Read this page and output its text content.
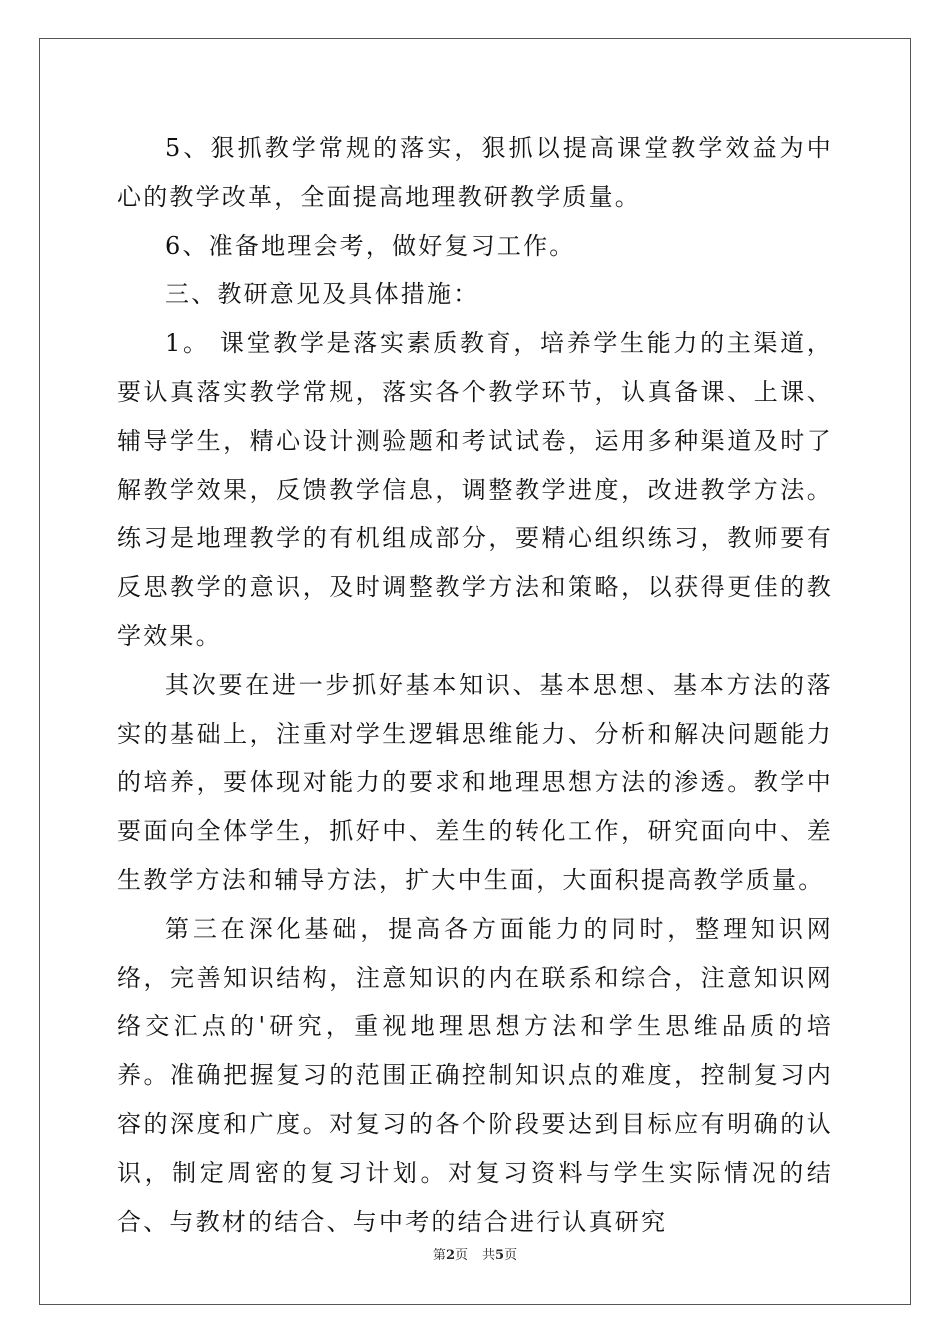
5、狠抓教学常规的落实，狠抓以提高课堂教学效益为中心的教学改革，全面提高地理教研教学质量。

6、准备地理会考，做好复习工作。

三、教研意见及具体措施：

1。 课堂教学是落实素质教育，培养学生能力的主渠道，要认真落实教学常规，落实各个教学环节，认真备课、上课、辅导学生，精心设计测验题和考试试卷，运用多种渠道及时了解教学效果，反馈教学信息，调整教学进度，改进教学方法。练习是地理教学的有机组成部分，要精心组织练习，教师要有反思教学的意识，及时调整教学方法和策略，以获得更佳的教学效果。

其次要在进一步抓好基本知识、基本思想、基本方法的落实的基础上，注重对学生逻辑思维能力、分析和解决问题能力的培养，要体现对能力的要求和地理思想方法的渗透。教学中要面向全体学生，抓好中、差生的转化工作，研究面向中、差生教学方法和辅导方法，扩大中生面，大面积提高教学质量。

第三在深化基础，提高各方面能力的同时，整理知识网络，完善知识结构，注意知识的内在联系和综合，注意知识网络交汇点的'研究，重视地理思想方法和学生思维品质的培养。准确把握复习的范围正确控制知识点的难度，控制复习内容的深度和广度。对复习的各个阶段要达到目标应有明确的认识，制定周密的复习计划。对复习资料与学生实际情况的结合、与教材的结合、与中考的结合进行认真研究

第2页 共5页
